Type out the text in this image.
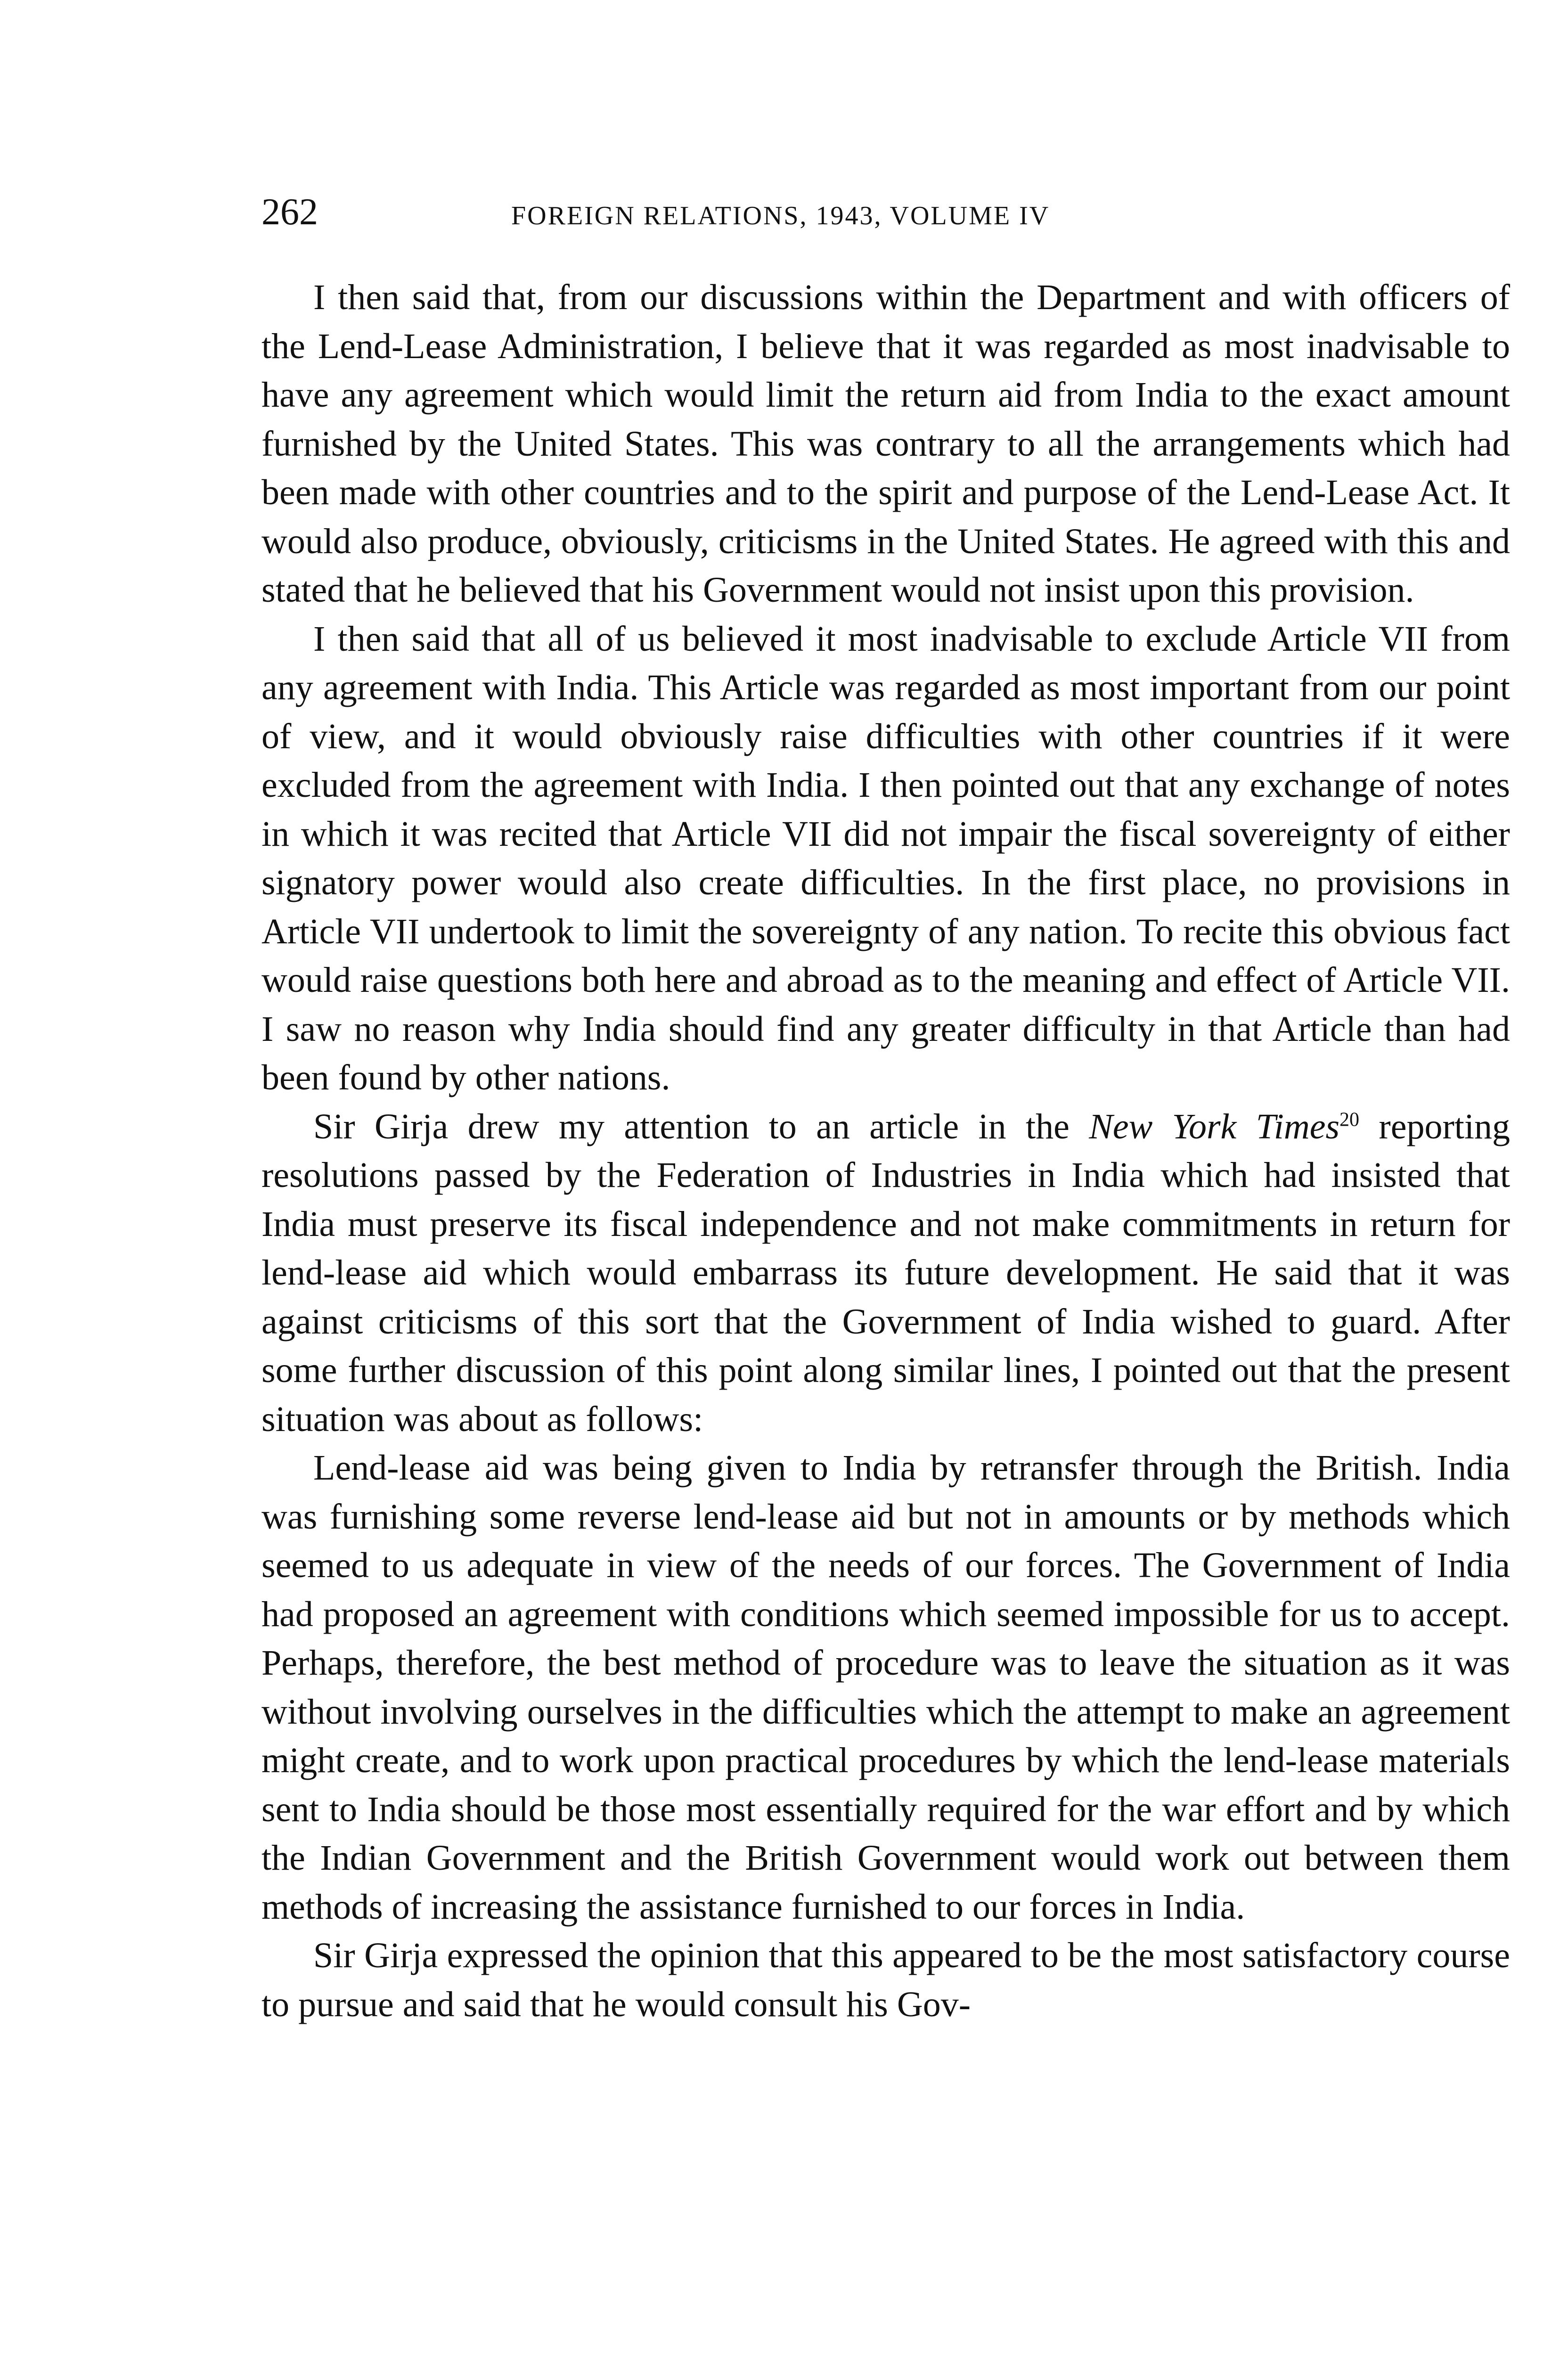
262	FOREIGN RELATIONS, 1943, VOLUME IV

I then said that, from our discussions within the Department and with officers of the Lend-Lease Administration, I believe that it was regarded as most inadvisable to have any agreement which would limit the return aid from India to the exact amount furnished by the United States. This was contrary to all the arrangements which had been made with other countries and to the spirit and purpose of the Lend-Lease Act. It would also produce, obviously, criticisms in the United States. He agreed with this and stated that he believed that his Government would not insist upon this provision.

I then said that all of us believed it most inadvisable to exclude Article VII from any agreement with India. This Article was regarded as most important from our point of view, and it would obviously raise difficulties with other countries if it were excluded from the agreement with India. I then pointed out that any exchange of notes in which it was recited that Article VII did not impair the fiscal sovereignty of either signatory power would also create difficulties. In the first place, no provisions in Article VII undertook to limit the sovereignty of any nation. To recite this obvious fact would raise questions both here and abroad as to the meaning and effect of Article VII. I saw no reason why India should find any greater difficulty in that Article than had been found by other nations.

Sir Girja drew my attention to an article in the New York Times$^{20}$ reporting resolutions passed by the Federation of Industries in India which had insisted that India must preserve its fiscal independence and not make commitments in return for lend-lease aid which would embarrass its future development. He said that it was against criticisms of this sort that the Government of India wished to guard. After some further discussion of this point along similar lines, I pointed out that the present situation was about as follows:

Lend-lease aid was being given to India by retransfer through the British. India was furnishing some reverse lend-lease aid but not in amounts or by methods which seemed to us adequate in view of the needs of our forces. The Government of India had proposed an agreement with conditions which seemed impossible for us to accept. Perhaps, therefore, the best method of procedure was to leave the situation as it was without involving ourselves in the difficulties which the attempt to make an agreement might create, and to work upon practical procedures by which the lend-lease materials sent to India should be those most essentially required for the war effort and by which the Indian Government and the British Government would work out between them methods of increasing the assistance furnished to our forces in India.

Sir Girja expressed the opinion that this appeared to be the most satisfactory course to pursue and said that he would consult his Gov-
